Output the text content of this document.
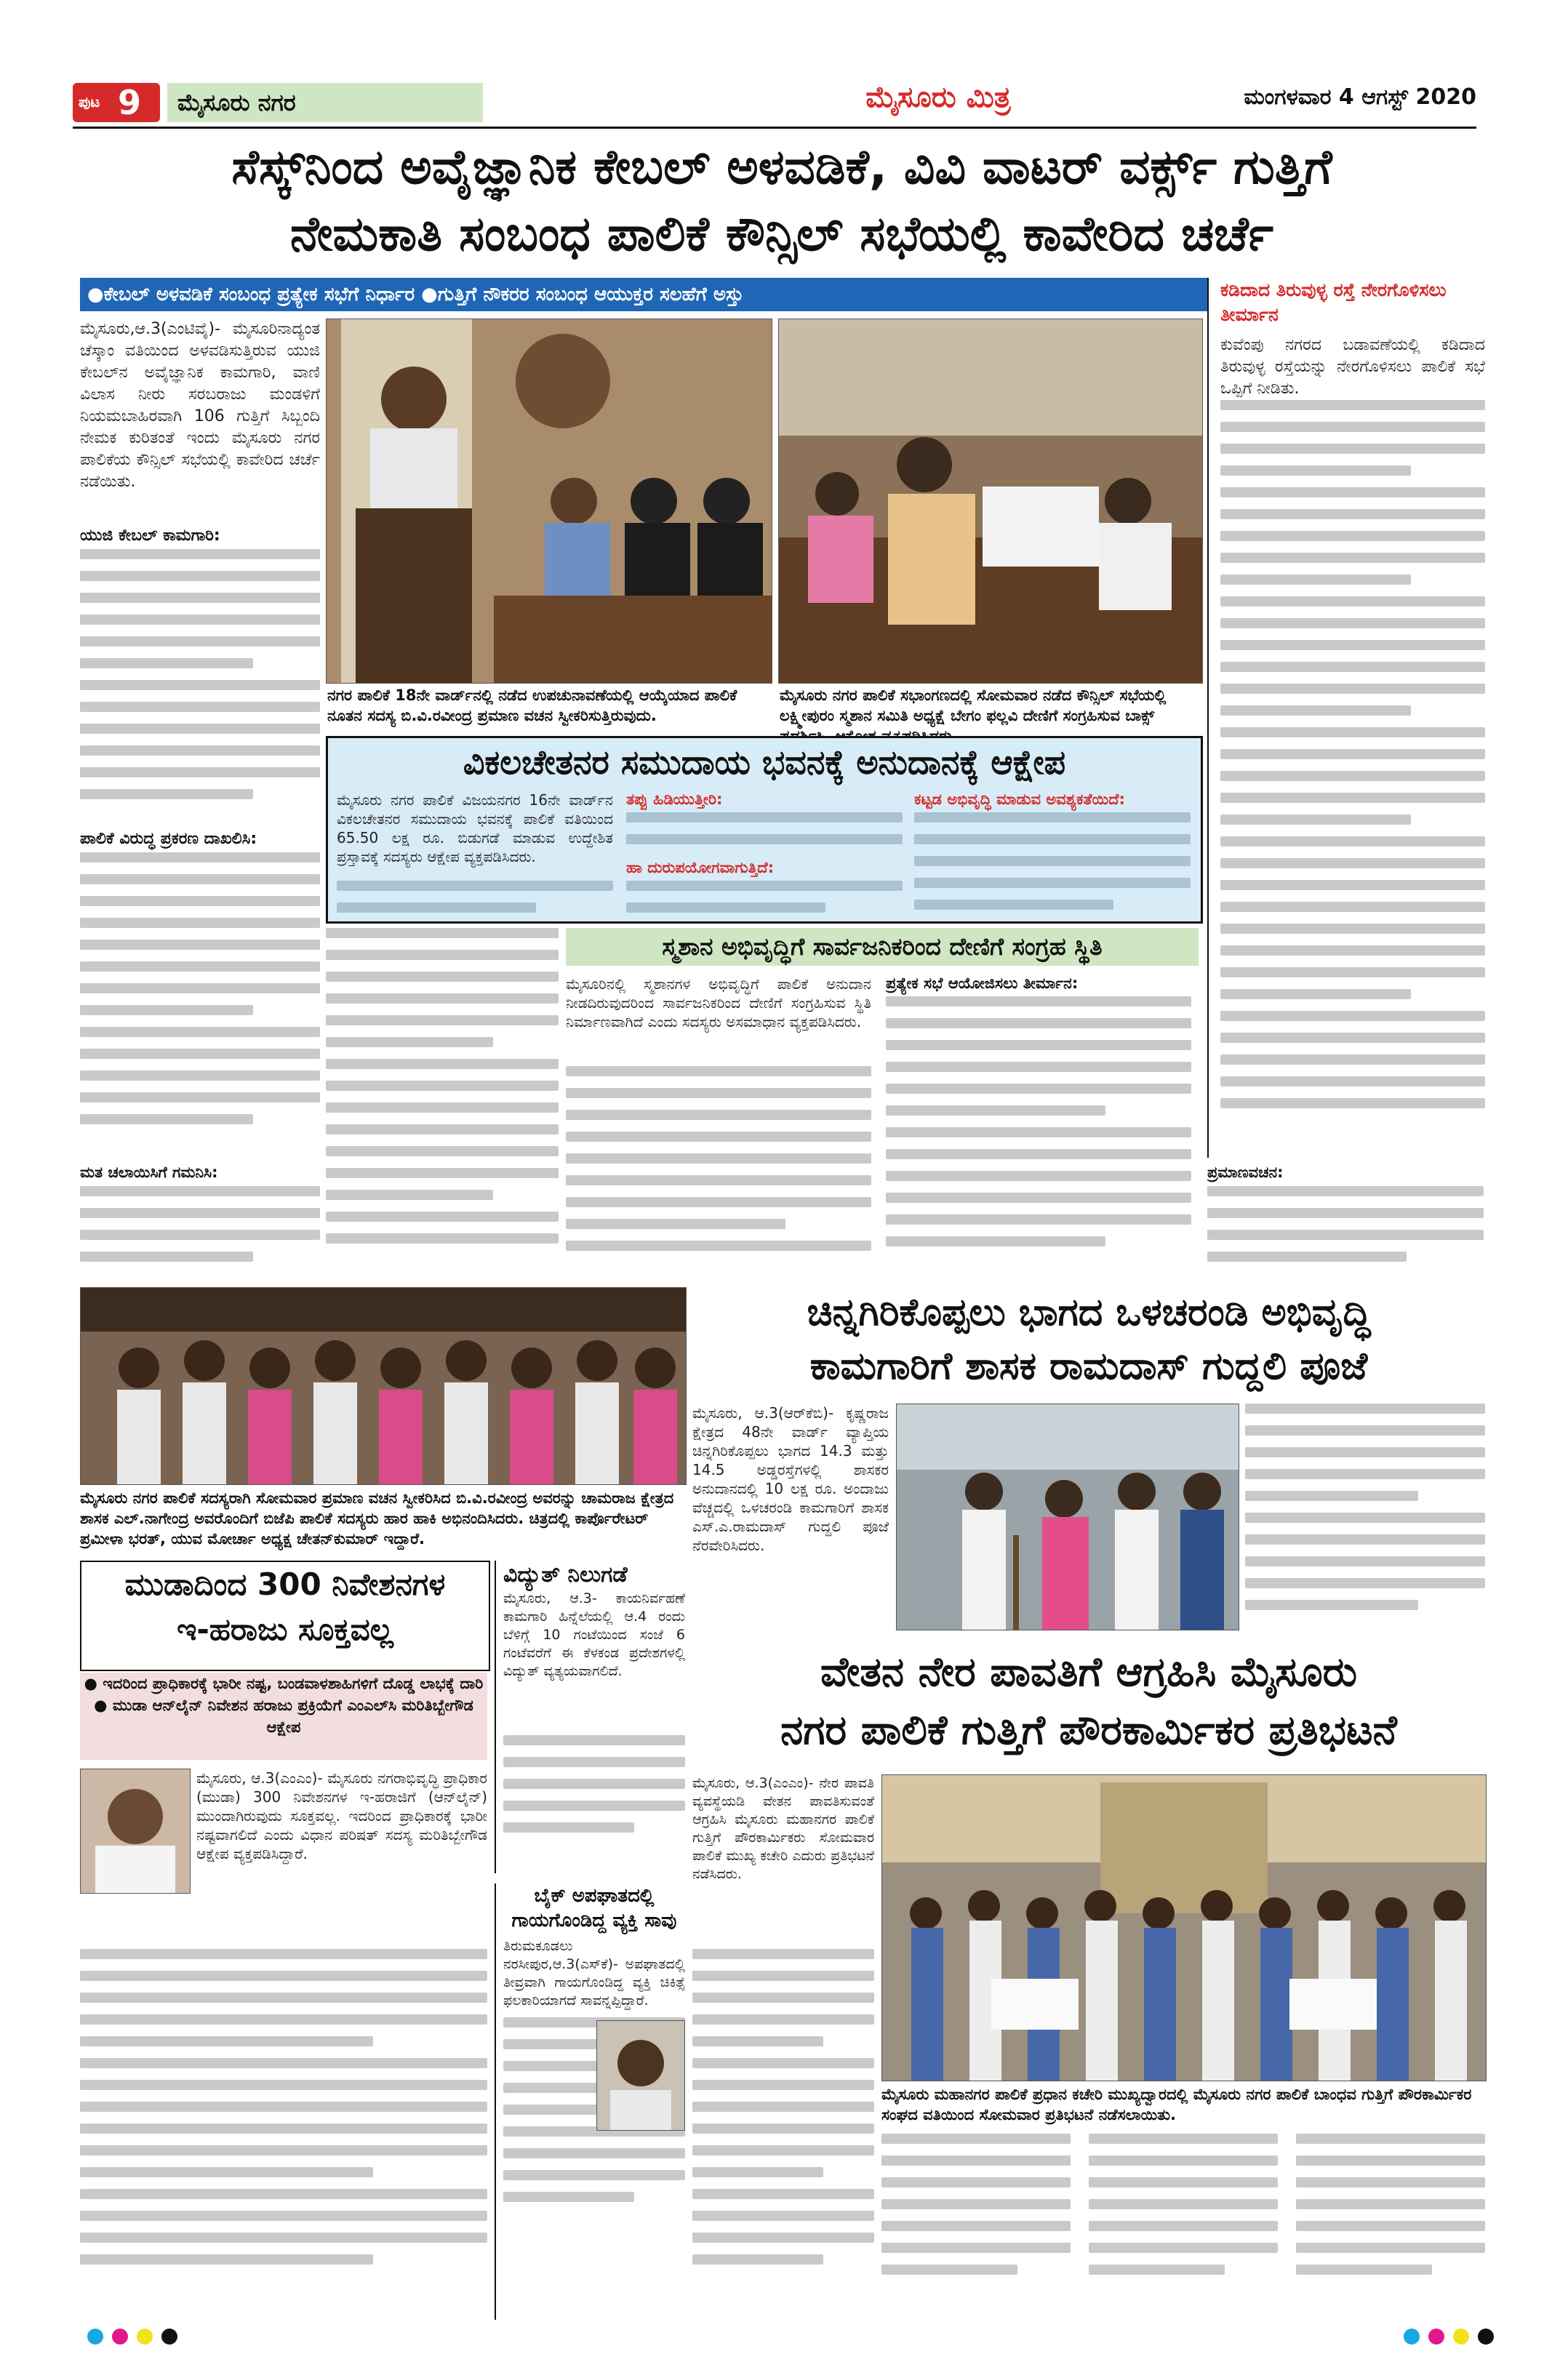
ಪುಟ 9	ಮೈಸೂರು ನಗರ	ಮೈಸೂರು ಮಿತ್ರ	ಮಂಗಳವಾರ 4 ಆಗಸ್ಟ್ 2020
ಸೆಸ್ಕ್‌ನಿಂದ ಅವೈಜ್ಞಾನಿಕ ಕೇಬಲ್ ಅಳವಡಿಕೆ, ವಿವಿ ವಾಟರ್ ವರ್ಕ್ಸ್ ಗುತ್ತಿಗೆ
ನೇಮಕಾತಿ ಸಂಬಂಧ ಪಾಲಿಕೆ ಕೌನ್ಸಿಲ್ ಸಭೆಯಲ್ಲಿ ಕಾವೇರಿದ ಚರ್ಚೆ
●ಕೇಬಲ್ ಅಳವಡಿಕೆ ಸಂಬಂಧ ಪ್ರತ್ಯೇಕ ಸಭೆಗೆ ನಿರ್ಧಾರ ●ಗುತ್ತಿಗೆ ನೌಕರರ ಸಂಬಂಧ ಆಯುಕ್ತರ ಸಲಹೆಗೆ ಅಸ್ತು	ಕಡಿದಾದ ತಿರುವುಳ್ಳ ರಸ್ತೆ ನೇರಗೊಳಿಸಲು ತೀರ್ಮಾನ
ಕುವೆಂಪು ನಗರದ ಬಡಾವಣೆಯಲ್ಲಿ ಕಡಿದಾದ ತಿರುವುಳ್ಳ ರಸ್ತೆಯನ್ನು ನೇರಗೊಳಿಸಲು ಪಾಲಿಕೆ ಸಭೆ ಒಪ್ಪಿಗೆ ನೀಡಿತು.
ಮೈಸೂರು,ಆ.3(ಎಂಟಿವೈ)- ಮೈಸೂರಿನಾದ್ಯಂತ ಚೆಸ್ಕಾಂ ವತಿಯಿಂದ ಅಳವಡಿಸುತ್ತಿರುವ ಯುಜಿ ಕೇಬಲ್‌ನ ಅವೈಜ್ಞಾನಿಕ ಕಾಮಗಾರಿ, ವಾಣಿ ವಿಲಾಸ ನೀರು ಸರಬರಾಜು ಮಂಡಳಿಗೆ ನಿಯಮಬಾಹಿರವಾಗಿ 106 ಗುತ್ತಿಗೆ ಸಿಬ್ಬಂದಿ ನೇಮಕ ಕುರಿತಂತೆ ಇಂದು ಮೈಸೂರು ನಗರ ಪಾಲಿಕೆಯ ಕೌನ್ಸಿಲ್ ಸಭೆಯಲ್ಲಿ ಕಾವೇರಿದ ಚರ್ಚೆ ನಡೆಯಿತು.
ಯುಜಿ ಕೇಬಲ್ ಕಾಮಗಾರಿ:
ಪಾಲಿಕೆ ವಿರುದ್ಧ ಪ್ರಕರಣ ದಾಖಲಿಸಿ:
ನಗರ ಪಾಲಿಕೆ 18ನೇ ವಾರ್ಡ್‌ನಲ್ಲಿ ನಡೆದ ಉಪಚುನಾವಣೆಯಲ್ಲಿ ಆಯ್ಕೆಯಾದ ಪಾಲಿಕೆ ನೂತನ ಸದಸ್ಯ ಬಿ.ವಿ.ರವೀಂದ್ರ ಪ್ರಮಾಣ ವಚನ ಸ್ವೀಕರಿಸುತ್ತಿರುವುದು.
ಮೈಸೂರು ನಗರ ಪಾಲಿಕೆ ಸಭಾಂಗಣದಲ್ಲಿ ಸೋಮವಾರ ನಡೆದ ಕೌನ್ಸಿಲ್ ಸಭೆಯಲ್ಲಿ ಲಕ್ಷ್ಮೀಪುರಂ ಸ್ಮಶಾನ ಸಮಿತಿ ಅಧ್ಯಕ್ಷೆ ಬೇಗಂ ಫಲ್ಲವಿ ದೇಣಿಗೆ ಸಂಗ್ರಹಿಸುವ ಬಾಕ್ಸ್
ವಿಕಲಚೇತನರ ಸಮುದಾಯ ಭವನಕ್ಕೆ ಅನುದಾನಕ್ಕೆ ಆಕ್ಷೇಪ
ಮೈಸೂರು ನಗರ ಪಾಲಿಕೆ ವಿಜಯನಗರ 16ನೇ ವಾರ್ಡ್‌ನ ವಿಕಲಚೇತನರ ಸಮುದಾಯ ಭವನಕ್ಕೆ ಪಾಲಿಕೆ ವತಿಯಿಂದ 65.50 ಲಕ್ಷ ರೂ. ಬಿಡುಗಡೆ ಮಾಡುವ ಉದ್ದೇಶಿತ ಪ್ರಸ್ತಾವಕ್ಕೆ ಸದಸ್ಯರು ಆಕ್ಷೇಪ ವ್ಯಕ್ತಪಡಿಸಿದರು.
ತಪ್ಪು ಹಿಡಿಯುತ್ತೀರಿ:
ಹಾ ದುರುಪಯೋಗವಾಗುತ್ತಿದೆ:
ಕಟ್ಟಡ ಅಭಿವೃದ್ಧಿ ಮಾಡುವ ಅವಶ್ಯಕತೆಯಿದೆ:
ಸ್ಮಶಾನ ಅಭಿವೃದ್ಧಿಗೆ ಸಾರ್ವಜನಿಕರಿಂದ ದೇಣಿಗೆ ಸಂಗ್ರಹ ಸ್ಥಿತಿ
ಮೈಸೂರಿನಲ್ಲಿ ಸ್ಮಶಾನಗಳ ಅಭಿವೃದ್ಧಿಗೆ ಪಾಲಿಕೆ ಅನುದಾನ ನೀಡದಿರುವುದರಿಂದ ಸಾರ್ವಜನಿಕರಿಂದ ದೇಣಿಗೆ ಸಂಗ್ರಹಿಸುವ ಸ್ಥಿತಿ ನಿರ್ಮಾಣವಾಗಿದೆ ಎಂದು ಸದಸ್ಯರು ಅಸಮಾಧಾನ ವ್ಯಕ್ತಪಡಿಸಿದರು.
ಪ್ರತ್ಯೇಕ ಸಭೆ ಆಯೋಜಿಸಲು ತೀರ್ಮಾನ:
ಪ್ರಮಾಣವಚನ:
ಮತ ಚಲಾಯಿಸಿಗೆ ಗಮನಿಸಿ:
ಮೈಸೂರು ನಗರ ಪಾಲಿಕೆ ಸದಸ್ಯರಾಗಿ ಸೋಮವಾರ ಪ್ರಮಾಣ ವಚನ ಸ್ವೀಕರಿಸಿದ ಬಿ.ವಿ.ರವೀಂದ್ರ ಅವರನ್ನು ಚಾಮರಾಜ ಕ್ಷೇತ್ರದ ಶಾಸಕ ಎಲ್.ನಾಗೇಂದ್ರ ಅವರೊಂದಿಗೆ ಬಿಜೆಪಿ ಪಾಲಿಕೆ ಸದಸ್ಯರು ಹಾರ ಹಾಕಿ ಅಭಿನಂದಿಸಿದರು. ಚಿತ್ರದಲ್ಲಿ ಕಾರ್ಪೊರೇಟರ್ ಪ್ರಮೀಳಾ ಭರತ್, ಯುವ ಮೋರ್ಚಾ ಅಧ್ಯಕ್ಷ ಚೇತನ್‌ಕುಮಾರ್ ಇದ್ದಾರೆ.
ಚಿನ್ನಗಿರಿಕೊಪ್ಪಲು ಭಾಗದ ಒಳಚರಂಡಿ ಅಭಿವೃದ್ಧಿ
ಕಾಮಗಾರಿಗೆ ಶಾಸಕ ರಾಮದಾಸ್ ಗುದ್ದಲಿ ಪೂಜೆ
ಮೈಸೂರು, ಆ.3(ಆರ್‌ಕೆಬಿ)- ಕೃಷ್ಣರಾಜ ಕ್ಷೇತ್ರದ 48ನೇ ವಾರ್ಡ್ ವ್ಯಾಪ್ತಿಯ ಚಿನ್ನಗಿರಿಕೊಪ್ಪಲು ಭಾಗದ 14.3 ಮತ್ತು 14.5 ಅಡ್ಡರಸ್ತೆಗಳಲ್ಲಿ ಶಾಸಕರ ಅನುದಾನದಲ್ಲಿ 10 ಲಕ್ಷ ರೂ. ಅಂದಾಜು ವೆಚ್ಚದಲ್ಲಿ ಒಳಚರಂಡಿ ಕಾಮಗಾರಿಗೆ ಶಾಸಕ ಎಸ್.ಎ.ರಾಮದಾಸ್ ಗುದ್ದಲಿ ಪೂಜೆ ನೆರವೇರಿಸಿದರು.
ಮುಡಾದಿಂದ 300 ನಿವೇಶನಗಳ
ಇ-ಹರಾಜು ಸೂಕ್ತವಲ್ಲ
● ಇದರಿಂದ ಪ್ರಾಧಿಕಾರಕ್ಕೆ ಭಾರೀ ನಷ್ಟ, ಬಂಡವಾಳಶಾಹಿಗಳಿಗೆ ದೊಡ್ಡ ಲಾಭಕ್ಕೆ ದಾರಿ ● ಮುಡಾ ಆನ್‌ಲೈನ್ ನಿವೇಶನ ಹರಾಜು ಪ್ರಕ್ರಿಯೆಗೆ ಎಂಎಲ್‌ಸಿ ಮರಿತಿಬ್ಬೇಗೌಡ ಆಕ್ಷೇಪ
ಮೈಸೂರು, ಆ.3(ಎಂಎಂ)- ಮೈಸೂರು ನಗರಾಭಿವೃದ್ಧಿ ಪ್ರಾಧಿಕಾರ (ಮುಡಾ) 300 ನಿವೇಶನಗಳ ಇ-ಹರಾಜಿಗೆ (ಆನ್‌ಲೈನ್) ಮುಂದಾಗಿರುವುದು ಸೂಕ್ತವಲ್ಲ. ಇದರಿಂದ ಪ್ರಾಧಿಕಾರಕ್ಕೆ ಭಾರೀ ನಷ್ಟವಾಗಲಿದೆ ಎಂದು ವಿಧಾನ ಪರಿಷತ್ ಸದಸ್ಯ ಮರಿತಿಬ್ಬೇಗೌಡ ಆಕ್ಷೇಪ ವ್ಯಕ್ತಪಡಿಸಿದ್ದಾರೆ.
ವಿದ್ಯುತ್ ನಿಲುಗಡೆ
ಮೈಸೂರು, ಆ.3- ಕಾಯನಿರ್ವಹಣೆ ಕಾಮಗಾರಿ ಹಿನ್ನೆಲೆಯಲ್ಲಿ ಆ.4 ರಂದು ಬೆಳಿಗ್ಗೆ 10 ಗಂಟೆಯಿಂದ ಸಂಜೆ 6 ಗಂಟೆವರೆಗೆ ಈ ಕೆಳಕಂಡ ಪ್ರದೇಶಗಳಲ್ಲಿ ವಿದ್ಯುತ್ ವ್ಯತ್ಯಯವಾಗಲಿದೆ.
ಬೈಕ್ ಅಪಘಾತದಲ್ಲಿ
ಗಾಯಗೊಂಡಿದ್ದ ವ್ಯಕ್ತಿ ಸಾವು
ತಿರುಮಕೂಡಲು ನರಸೀಪುರ,ಆ.3(ಎಸ್‌ಕೆ)- ಅಪಘಾತದಲ್ಲಿ ತೀವ್ರವಾಗಿ ಗಾಯಗೊಂಡಿದ್ದ ವ್ಯಕ್ತಿ ಚಿಕಿತ್ಸೆ ಫಲಕಾರಿಯಾಗದೆ ಸಾವನ್ನಪ್ಪಿದ್ದಾರೆ.
ವೇತನ ನೇರ ಪಾವತಿಗೆ ಆಗ್ರಹಿಸಿ ಮೈಸೂರು
ನಗರ ಪಾಲಿಕೆ ಗುತ್ತಿಗೆ ಪೌರಕಾರ್ಮಿಕರ ಪ್ರತಿಭಟನೆ
ಮೈಸೂರು, ಆ.3(ಎಂಎಂ)- ನೇರ ಪಾವತಿ ವ್ಯವಸ್ಥೆಯಡಿ ವೇತನ ಪಾವತಿಸುವಂತೆ ಆಗ್ರಹಿಸಿ ಮೈಸೂರು ಮಹಾನಗರ ಪಾಲಿಕೆ ಗುತ್ತಿಗೆ ಪೌರಕಾರ್ಮಿಕರು ಸೋಮವಾರ ಪಾಲಿಕೆ ಮುಖ್ಯ ಕಚೇರಿ ಎದುರು ಪ್ರತಿಭಟನೆ ನಡೆಸಿದರು.
ಮೈಸೂರು ಮಹಾನಗರ ಪಾಲಿಕೆ ಪ್ರಧಾನ ಕಚೇರಿ ಮುಖ್ಯದ್ವಾರದಲ್ಲಿ ಮೈಸೂರು ನಗರ ಪಾಲಿಕೆ ಬಾಂಧವ ಗುತ್ತಿಗೆ ಪೌರಕಾರ್ಮಿಕರ ಸಂಘದ ವತಿಯಿಂದ ಸೋಮವಾರ ಪ್ರತಿಭಟನೆ ನಡೆಸಲಾಯಿತು.
